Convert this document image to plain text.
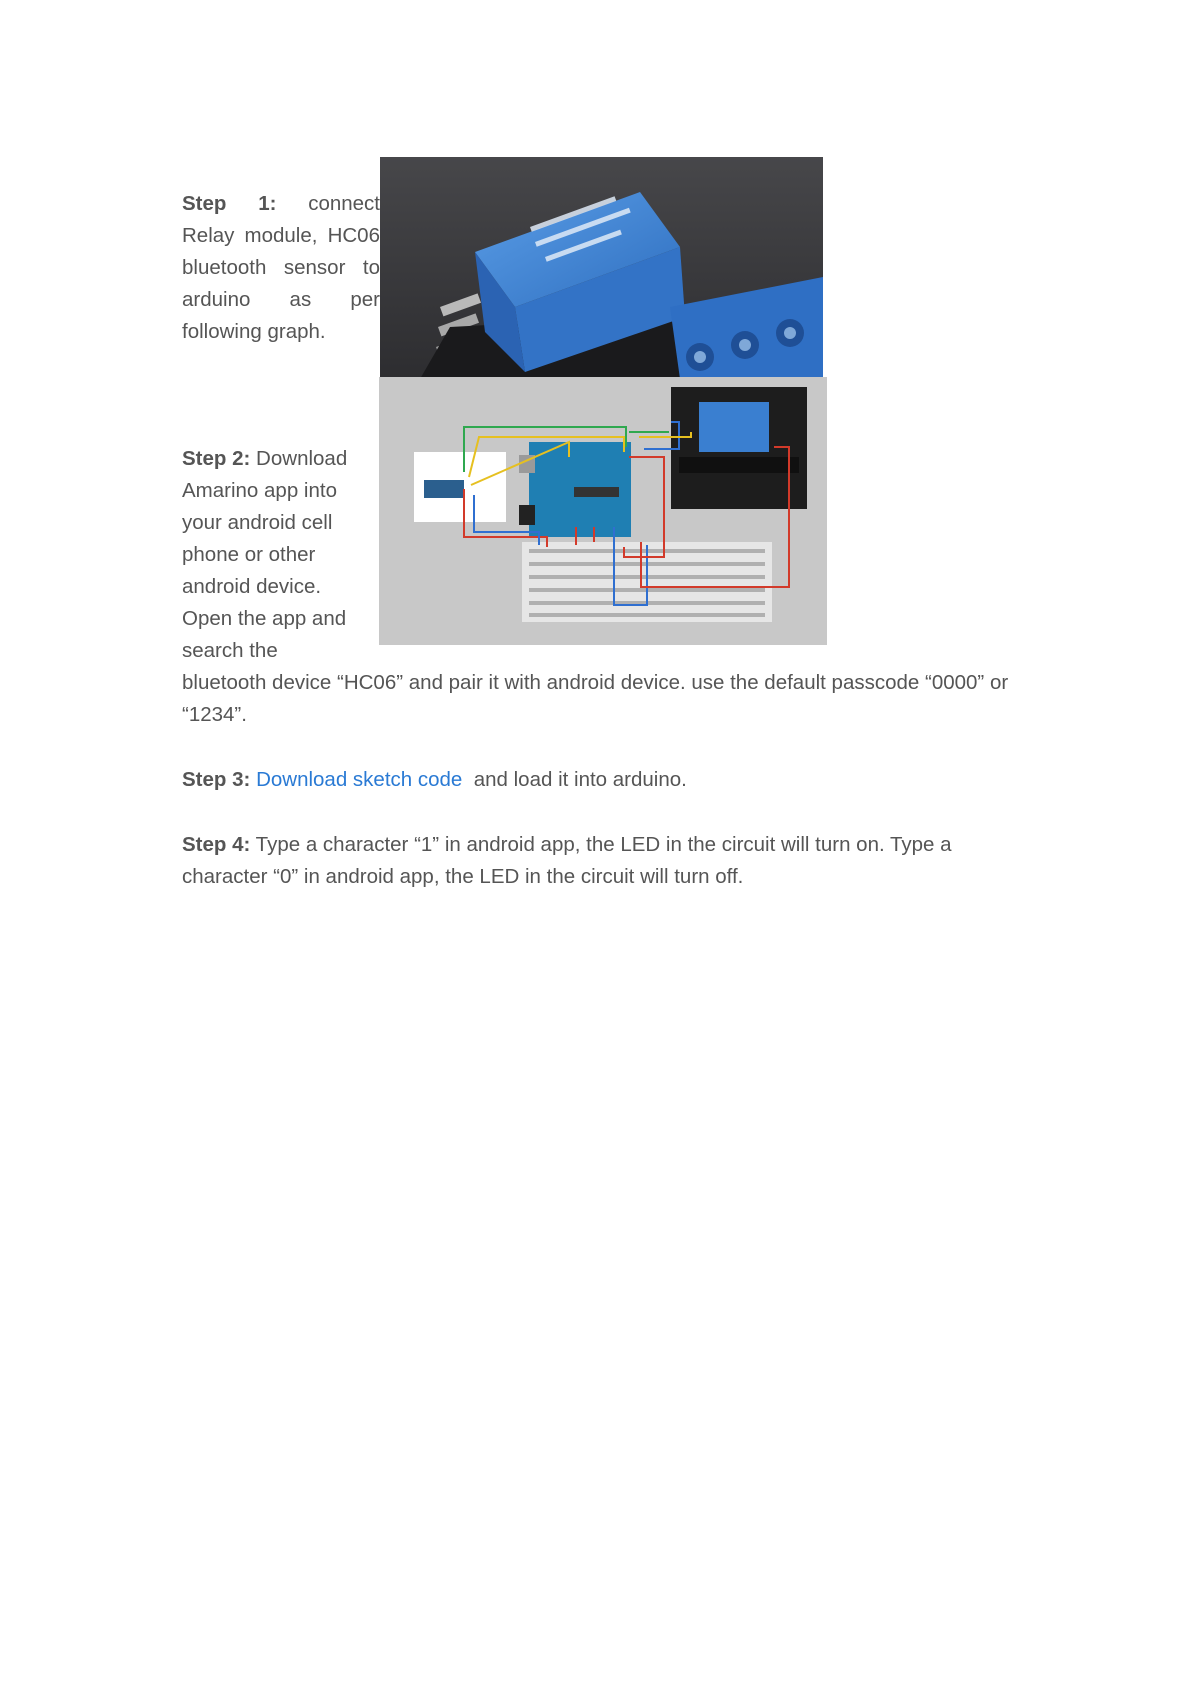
Step 1: connect Relay module, HC06 bluetooth sensor to arduino as per following graph.
Step 2: Download Amarino app into your android cell phone or other android device. Open the app and search the
bluetooth device “HC06” and pair it with android device. use the default passcode “0000” or “1234”.
Step 3: Download sketch code  and load it into arduino.
Step 4: Type a character “1” in android app, the LED in the circuit will turn on. Type a character “0” in android app, the LED in the circuit will turn off.
